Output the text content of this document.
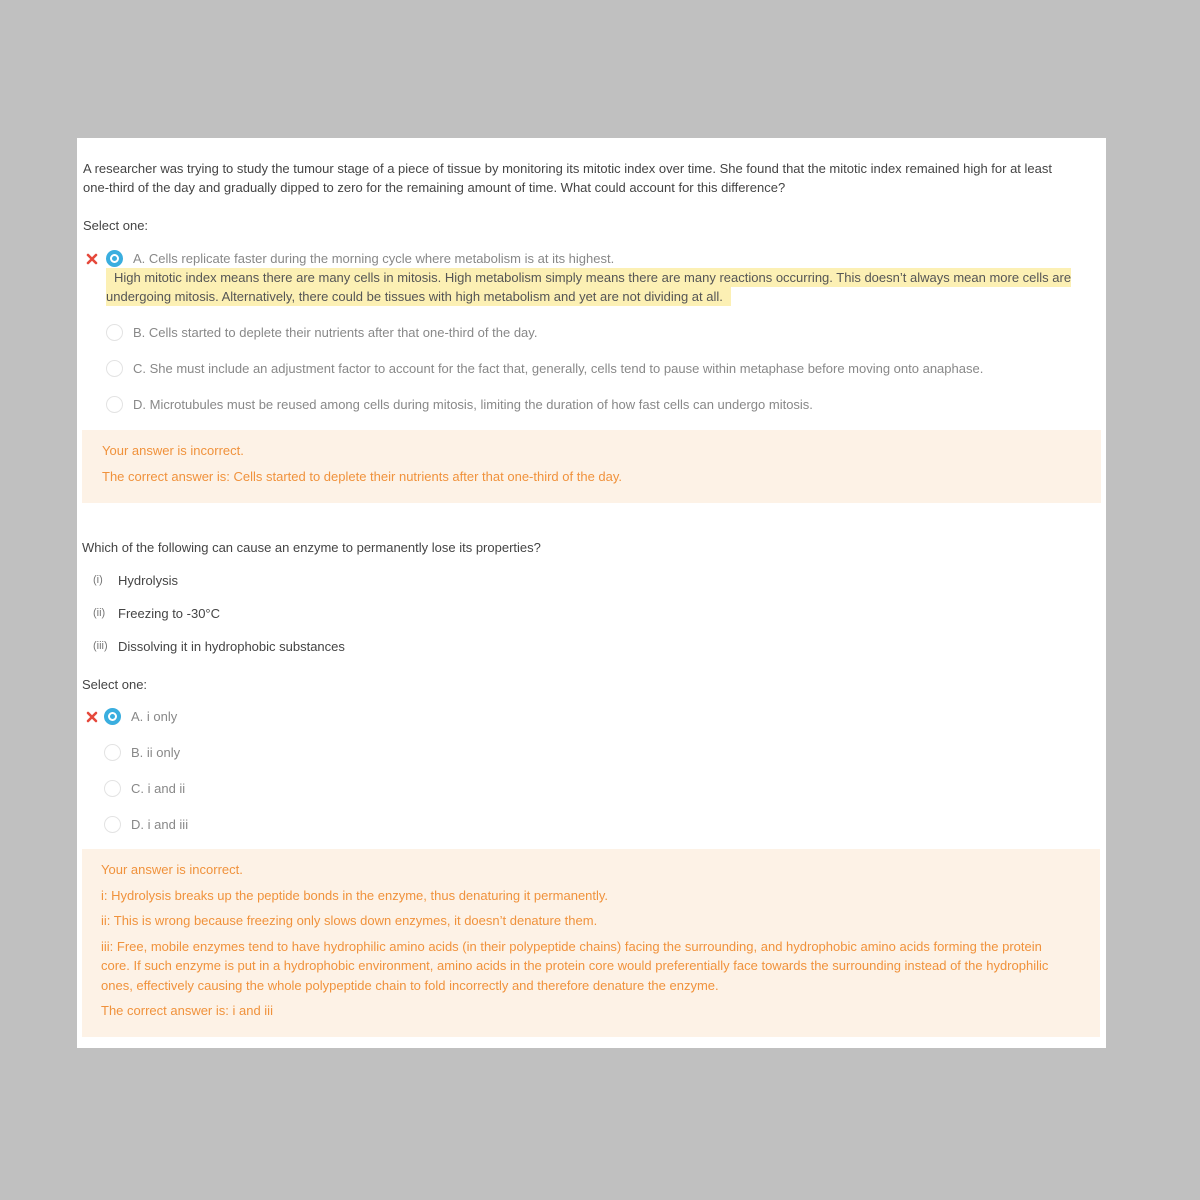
A researcher was trying to study the tumour stage of a piece of tissue by monitoring its mitotic index over time. She found that the mitotic index remained high for at least one-third of the day and gradually dipped to zero for the remaining amount of time. What could account for this difference?
Select one:
A. Cells replicate faster during the morning cycle where metabolism is at its highest.
High mitotic index means there are many cells in mitosis. High metabolism simply means there are many reactions occurring. This doesn’t always mean more cells are undergoing mitosis. Alternatively, there could be tissues with high metabolism and yet are not dividing at all.
B. Cells started to deplete their nutrients after that one-third of the day.
C. She must include an adjustment factor to account for the fact that, generally, cells tend to pause within metaphase before moving onto anaphase.
D. Microtubules must be reused among cells during mitosis, limiting the duration of how fast cells can undergo mitosis.

Your answer is incorrect.

The correct answer is: Cells started to deplete their nutrients after that one-third of the day.

Which of the following can cause an enzyme to permanently lose its properties?
(i) Hydrolysis
(ii) Freezing to -30°C
(iii) Dissolving it in hydrophobic substances
Select one:
A. i only
B. ii only
C. i and ii
D. i and iii

Your answer is incorrect.

i: Hydrolysis breaks up the peptide bonds in the enzyme, thus denaturing it permanently.

ii: This is wrong because freezing only slows down enzymes, it doesn’t denature them.

iii: Free, mobile enzymes tend to have hydrophilic amino acids (in their polypeptide chains) facing the surrounding, and hydrophobic amino acids forming the protein core. If such enzyme is put in a hydrophobic environment, amino acids in the protein core would preferentially face towards the surrounding instead of the hydrophilic ones, effectively causing the whole polypeptide chain to fold incorrectly and therefore denature the enzyme.

The correct answer is: i and iii
